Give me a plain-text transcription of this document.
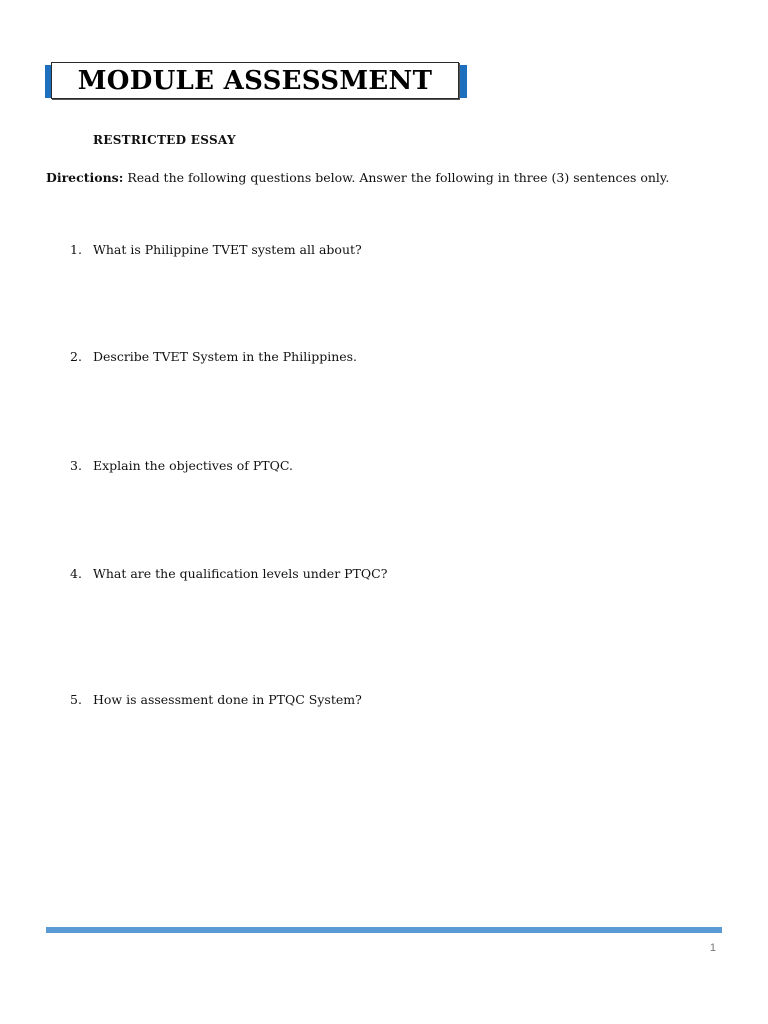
MODULE ASSESSMENT
RESTRICTED ESSAY
Directions: Read the following questions below. Answer the following in three (3) sentences only.
1. What is Philippine TVET system all about?
2. Describe TVET System in the Philippines.
3. Explain the objectives of PTQC.
4. What are the qualification levels under PTQC?
5. How is assessment done in PTQC System?
1
